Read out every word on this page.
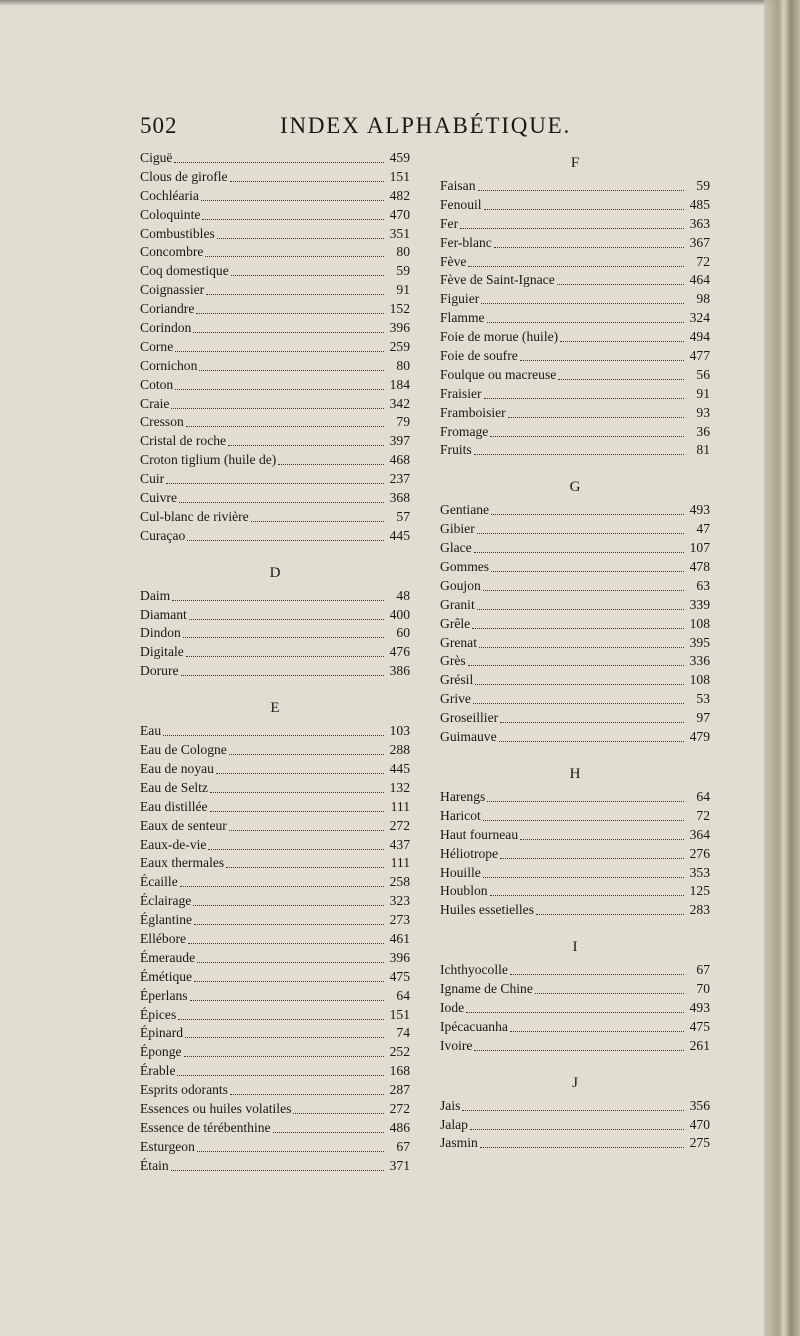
502	INDEX ALPHABÉTIQUE.
Ciguë	459
Clous de girofle	151
Cochléaria	482
Coloquinte	470
Combustibles	351
Concombre	80
Coq domestique	59
Coignassier	91
Coriandre	152
Corindon	396
Corne	259
Cornichon	80
Coton	184
Craie	342
Cresson	79
Cristal de roche	397
Croton tiglium (huile de)	468
Cuir	237
Cuivre	368
Cul-blanc de rivière	57
Curaçao	445
D
Daim	48
Diamant	400
Dindon	60
Digitale	476
Dorure	386
E
Eau	103
Eau de Cologne	288
Eau de noyau	445
Eau de Seltz	132
Eau distillée	111
Eaux de senteur	272
Eaux-de-vie	437
Eaux thermales	111
Écaille	258
Éclairage	323
Églantine	273
Ellébore	461
Émeraude	396
Émétique	475
Éperlans	64
Épices	151
Épinard	74
Éponge	252
Érable	168
Esprits odorants	287
Essences ou huiles volatiles	272
Essence de térébenthine	486
Esturgeon	67
Étain	371
F
Faisan	59
Fenouil	485
Fer	363
Fer-blanc	367
Fève	72
Fève de Saint-Ignace	464
Figuier	98
Flamme	324
Foie de morue (huile)	494
Foie de soufre	477
Foulque ou macreuse	56
Fraisier	91
Framboisier	93
Fromage	36
Fruits	81
G
Gentiane	493
Gibier	47
Glace	107
Gommes	478
Goujon	63
Granit	339
Grêle	108
Grenat	395
Grès	336
Grésil	108
Grive	53
Groseillier	97
Guimauve	479
H
Harengs	64
Haricot	72
Haut fourneau	364
Héliotrope	276
Houille	353
Houblon	125
Huiles essetielles	283
I
Ichthyocolle	67
Igname de Chine	70
Iode	493
Ipécacuanha	475
Ivoire	261
J
Jais	356
Jalap	470
Jasmin	275
